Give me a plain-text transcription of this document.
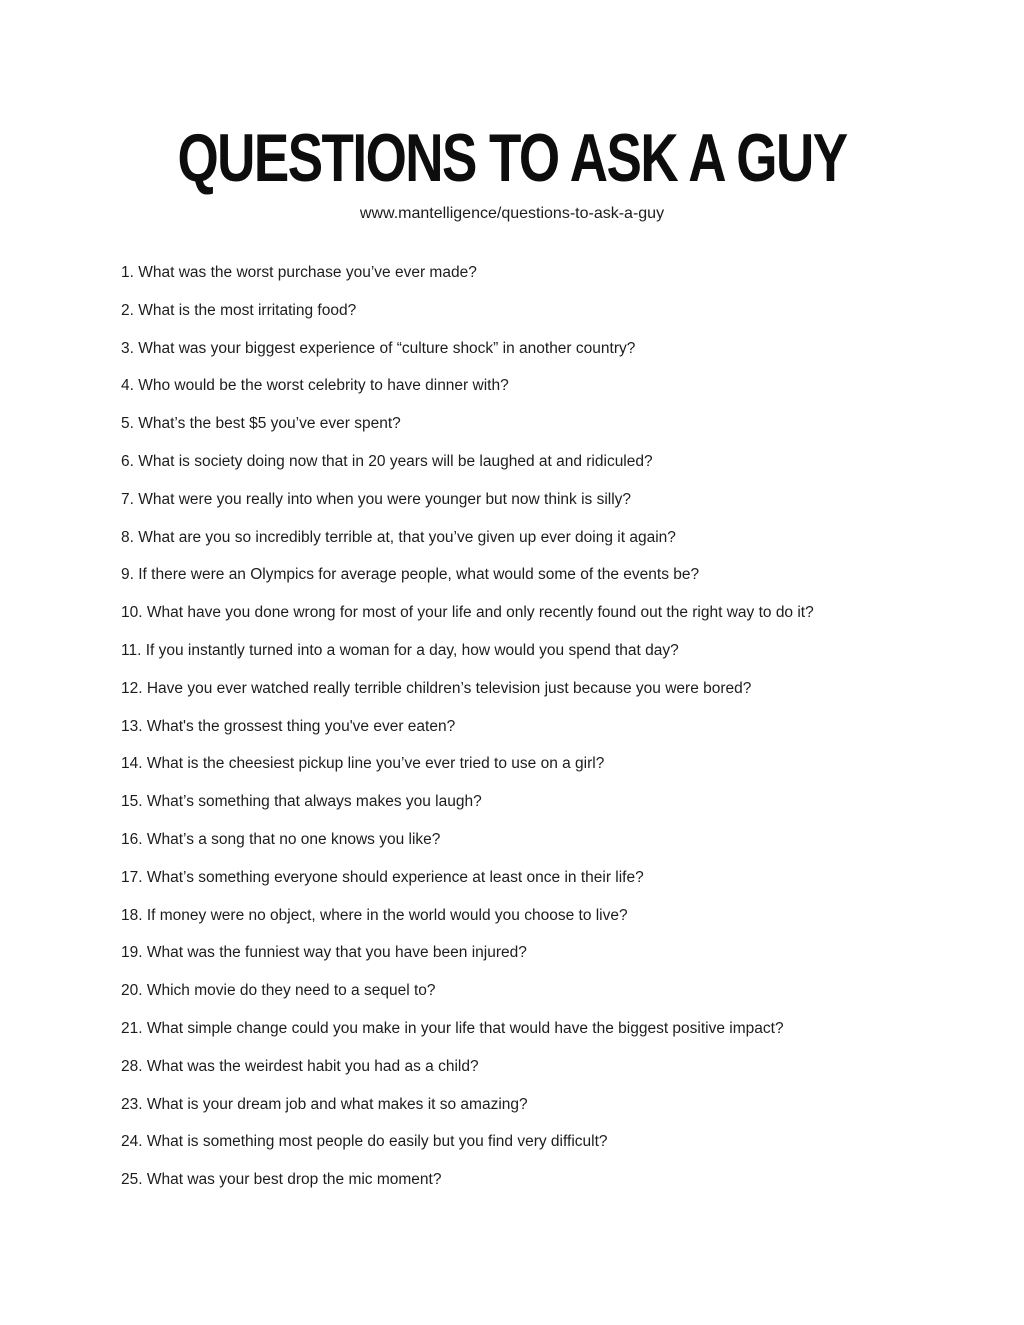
QUESTIONS TO ASK A GUY
www.mantelligence/questions-to-ask-a-guy

1. What was the worst purchase you’ve ever made?

2. What is the most irritating food?

3. What was your biggest experience of “culture shock” in another country?

4. Who would be the worst celebrity to have dinner with?

5. What’s the best $5 you’ve ever spent?

6. What is society doing now that in 20 years will be laughed at and ridiculed?

7. What were you really into when you were younger but now think is silly?

8. What are you so incredibly terrible at, that you’ve given up ever doing it again?

9. If there were an Olympics for average people, what would some of the events be?

10. What have you done wrong for most of your life and only recently found out the right way to do it?

11. If you instantly turned into a woman for a day, how would you spend that day?

12. Have you ever watched really terrible children’s television just because you were bored?

13. What's the grossest thing you've ever eaten?

14. What is the cheesiest pickup line you’ve ever tried to use on a girl?

15. What’s something that always makes you laugh?

16. What’s a song that no one knows you like?

17. What’s something everyone should experience at least once in their life?

18. If money were no object, where in the world would you choose to live?

19. What was the funniest way that you have been injured?

20. Which movie do they need to a sequel to?

21. What simple change could you make in your life that would have the biggest positive impact?

28. What was the weirdest habit you had as a child?

23. What is your dream job and what makes it so amazing?

24. What is something most people do easily but you find very difficult?

25. What was your best drop the mic moment?
